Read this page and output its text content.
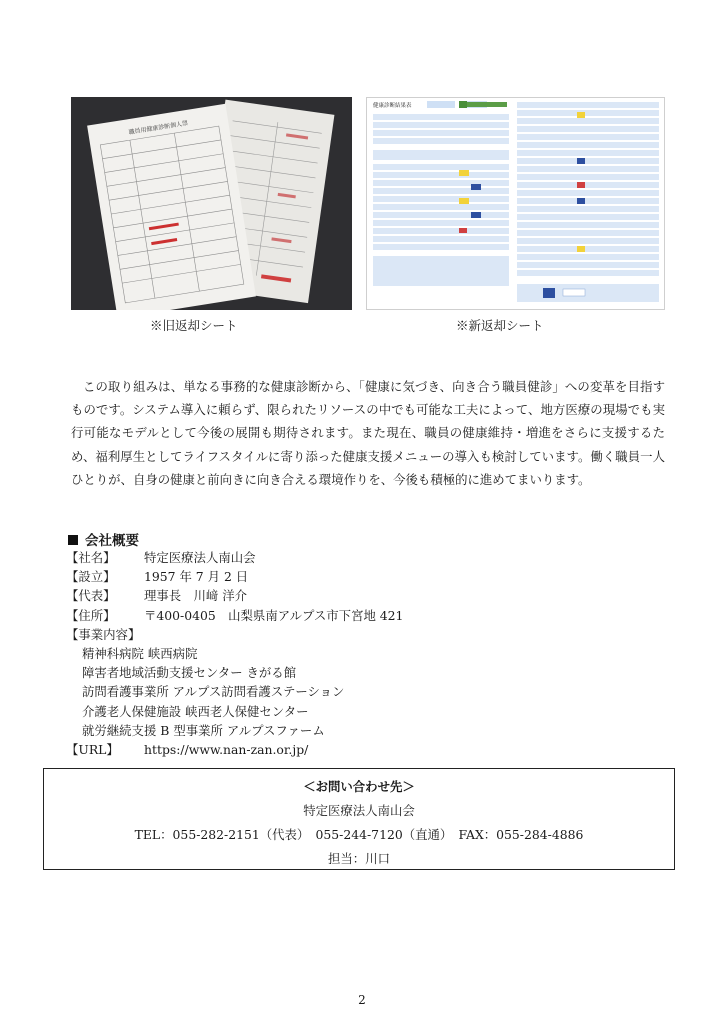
職員用健康診断個人票
健康診断結果表
※旧返却シート	※新返却シート

この取り組みは、単なる事務的な健康診断から、「健康に気づき、向き合う職員健診」への変革を目指すものです。システム導入に頼らず、限られたリソースの中でも可能な工夫によって、地方医療の現場でも実行可能なモデルとして今後の展開も期待されます。また現在、職員の健康維持・増進をさらに支援するため、福利厚生としてライフスタイルに寄り添った健康支援メニューの導入も検討しています。働く職員一人ひとりが、自身の健康と前向きに向き合える環境作りを、今後も積極的に進めてまいります。

会社概要
【社名】	特定医療法人南山会
【設立】	1957 年 7 月 2 日
【代表】	理事長　川﨑 洋介
【住所】	〒400-0405　山梨県南アルプス市下宮地 421
【事業内容】
精神科病院 峡西病院
障害者地域活動支援センター きがる館
訪問看護事業所 アルプス訪問看護ステーション
介護老人保健施設 峡西老人保健センター
就労継続支援 B 型事業所 アルプスファーム
【URL】	https://www.nan-zan.or.jp/
＜お問い合わせ先＞
特定医療法人南山会
TEL：055-282-2151（代表）　055-244-7120（直通）　FAX：055-284-4886
担当：川口
2
